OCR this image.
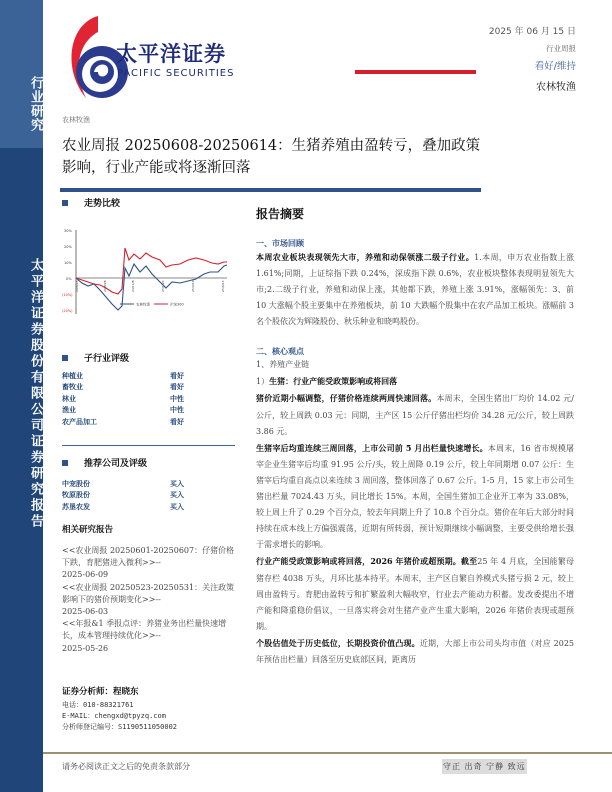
行业研究
太平洋证券股份有限公司证券研究报告
太平洋证券
PACIFIC SECURITIES
2025 年 06 月 15 日
行业周报
看好/维持
农林牧渔
农林牧渔
农业周报 20250608-20250614：生猪养殖由盈转亏，叠加政策影响，行业产能或将逐渐回落
走势比较
30%
20%
10%
0%
(10%)
(20%)
24/6/13	24/8/28	24/11/8	25/1/23	25/4/10	25/6/13
农林牧渔	沪深300
子行业评级
种植业	看好
畜牧业	看好
林业	中性
渔业	中性
农产品加工	看好
推荐公司及评级
中宠股份	买入
牧原股份	买入
苏垦农发	买入
相关研究报告
<<农业周报 20250601-20250607：仔猪价格下跌，育肥猪进入微利>>--
2025-06-09
<<农业周报 20250523-20250531：关注政策影响下的猪价预期变化>>--
2025-06-03
<<年报&1 季报点评：养猪业务出栏量快速增长，成本管理持续优化>>--
2025-05-26
证券分析师：程晓东
电话：010-88321761
E-MAIL：chengxd@tpyzq.com
分析师登记编号：S1190511050002
报告摘要
一、市场回顾
本周农业板块表现领先大市，养殖和动保领涨二级子行业。1.本周，申万农业指数上涨 1.61%;同期，上证综指下跌 0.24%，深成指下跌 0.6%，农业板块整体表现明显领先大市;2.二级子行业，养殖和动保上涨，其他都下跌，养殖上涨 3.91%，涨幅领先：3、前 10 大涨幅个股主要集中在养殖板块，前 10 大跌幅个股集中在农产品加工板块。涨幅前 3 名个股依次为辉隆股份、秋乐种业和晓鸣股份。
二、核心观点
1、养殖产业链
1）生猪：行业产能受政策影响或将回落
猪价近期小幅调整，仔猪价格连续两周快速回落。本周末，全国生猪出厂均价 14.02 元/公斤，较上周跌 0.03 元：同期，主产区 15 公斤仔猪出栏均价 34.28 元/公斤，较上周跌 3.86 元。
生猪宰后均重连续三周回落，上市公司前 5 月出栏量快速增长。本周末，16 省市规模屠宰企业生猪宰后均重 91.95 公斤/头，较上周降 0.19 公斤，较上年同期增 0.07 公斤：生猪宰后均重自高点以来连续 3 周回落，整体回落了 0.67 公斤。1-5 月，15 家上市公司生猪出栏量 7024.43 万头，同比增长 15%。本周，全国生猪加工企业开工率为 33.08%，较上周上升了 0.29 个百分点，较去年同期上升了 10.8 个百分点。猪价在年后大部分时间持续在成本线上方偏强震荡，近期有所转弱，预计短期继续小幅调整，主要受供给增长强于需求增长的影响。
行业产能受政策影响或将回落，2026 年猪价或超预期。截至25 年 4 月底，全国能繁母猪存栏 4038 万头，月环比基本持平。本周末，主产区自繁自养模式头猪亏损 2 元，较上周由盈转亏。育肥由盈转亏和扩繁盈利大幅收窄，行业去产能动力积蓄。发改委提出不增产能和降重稳价倡议，一旦落实将会对生猪产业产生重大影响，2026 年猪价表现或超预期。
个股估值处于历史低位，长期投资价值凸现。近期，大部上市公司头均市值（对应 2025 年预估出栏量）回落至历史底部区间，距离历
请务必阅读正文之后的免责条款部分	守正 出奇 宁静 致远
